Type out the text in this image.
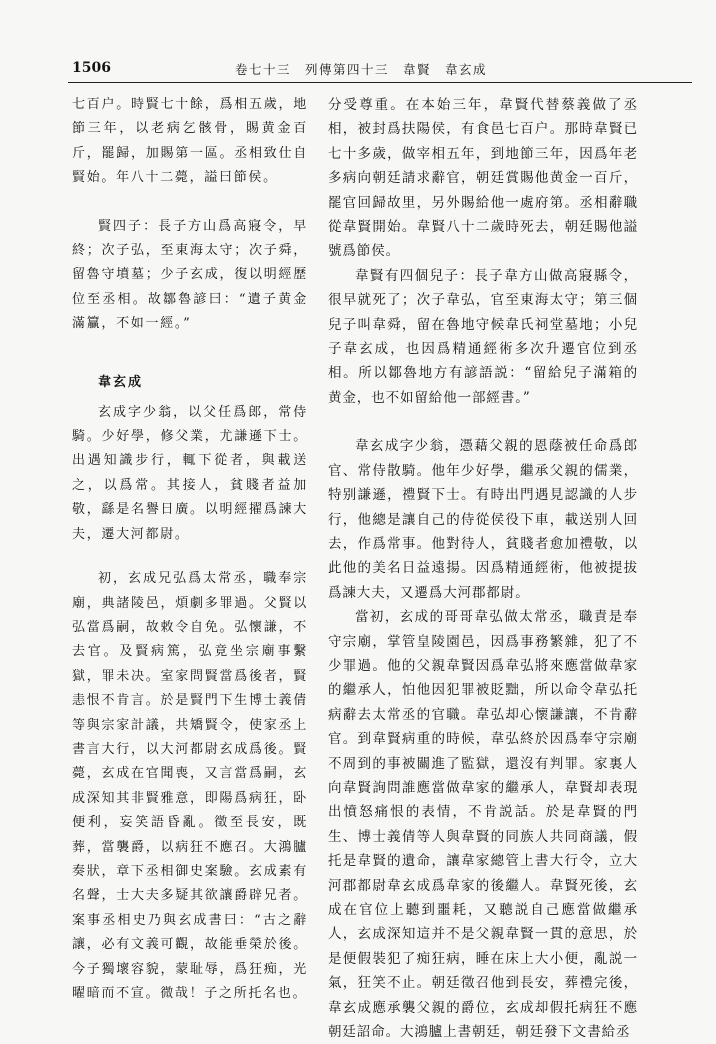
1506	卷七十三　列傳第四十三　韋賢　韋玄成

七百户。時賢七十餘，爲相五歲，地節三年，以老病乞骸骨，賜黄金百斤，罷歸，加賜第一區。丞相致仕自賢始。年八十二薨，謚曰節侯。

賢四子：長子方山爲高寢令，早終；次子弘，至東海太守；次子舜，留魯守墳墓；少子玄成，復以明經歷位至丞相。故鄒魯諺曰：“遺子黄金滿籯，不如一經。”

韋玄成

玄成字少翁，以父任爲郎，常侍騎。少好學，修父業，尤謙遜下士。出遇知識步行，輒下從者，與載送之，以爲常。其接人，貧賤者益加敬，繇是名譽日廣。以明經擢爲諫大夫，遷大河都尉。

初，玄成兄弘爲太常丞，職奉宗廟，典諸陵邑，煩劇多罪過。父賢以弘當爲嗣，故敕令自免。弘懷謙，不去官。及賢病篤，弘竟坐宗廟事繫獄，罪未决。室家問賢當爲後者，賢恚恨不肯言。於是賢門下生博士義倩等與宗家計議，共矯賢令，使家丞上書言大行，以大河都尉玄成爲後。賢薨，玄成在官聞喪，又言當爲嗣，玄成深知其非賢雅意，即陽爲病狂，卧便利，妄笑語昏亂。徵至長安，既葬，當襲爵，以病狂不應召。大鴻臚奏狀，章下丞相御史案驗。玄成素有名聲，士大夫多疑其欲讓爵辟兄者。案事丞相史乃與玄成書曰：“古之辭讓，必有文義可觀，故能垂榮於後。今子獨壞容貌，蒙耻辱，爲狂痴，光曜暗而不宣。微哉！子之所托名也。

分受尊重。在本始三年，韋賢代替蔡義做了丞相，被封爲扶陽侯，有食邑七百户。那時韋賢已七十多歲，做宰相五年，到地節三年，因爲年老多病向朝廷請求辭官，朝廷賞賜他黄金一百斤，罷官回歸故里，另外賜給他一處府第。丞相辭職從韋賢開始。韋賢八十二歲時死去，朝廷賜他謚號爲節侯。

韋賢有四個兒子：長子韋方山做高寢縣令，很早就死了；次子韋弘，官至東海太守；第三個兒子叫韋舜，留在魯地守候韋氏祠堂墓地；小兒子韋玄成，也因爲精通經術多次升遷官位到丞相。所以鄒魯地方有諺語説：“留給兒子滿箱的黄金，也不如留給他一部經書。”

韋玄成字少翁，憑藉父親的恩蔭被任命爲郎官、常侍散騎。他年少好學，繼承父親的儒業，特别謙遜，禮賢下士。有時出門遇見認識的人步行，他總是讓自己的侍從侯役下車，載送别人回去，作爲常事。他對待人，貧賤者愈加禮敬，以此他的美名日益遠揚。因爲精通經術，他被提拔爲諫大夫，又遷爲大河郡都尉。

當初，玄成的哥哥韋弘做太常丞，職責是奉守宗廟，掌管皇陵園邑，因爲事務繁雜，犯了不少罪過。他的父親韋賢因爲韋弘將來應當做韋家的繼承人，怕他因犯罪被貶黜，所以命令韋弘托病辭去太常丞的官職。韋弘却心懷謙讓，不肯辭官。到韋賢病重的時候，韋弘終於因爲奉守宗廟不周到的事被關進了監獄，還沒有判罪。家裏人向韋賢詢問誰應當做韋家的繼承人，韋賢却表現出憤怒痛恨的表情，不肯説話。於是韋賢的門生、博士義倩等人與韋賢的同族人共同商議，假托是韋賢的遺命，讓韋家總管上書大行令，立大河郡都尉韋玄成爲韋家的後繼人。韋賢死後，玄成在官位上聽到噩耗，又聽説自己應當做繼承人，玄成深知這并不是父親韋賢一貫的意思，於是便假裝犯了痴狂病，睡在床上大小便，亂説一氣，狂笑不止。朝廷徵召他到長安，葬禮完後，韋玄成應承襲父親的爵位，玄成却假托病狂不應朝廷詔命。大鴻臚上書朝廷，朝廷發下文書給丞
